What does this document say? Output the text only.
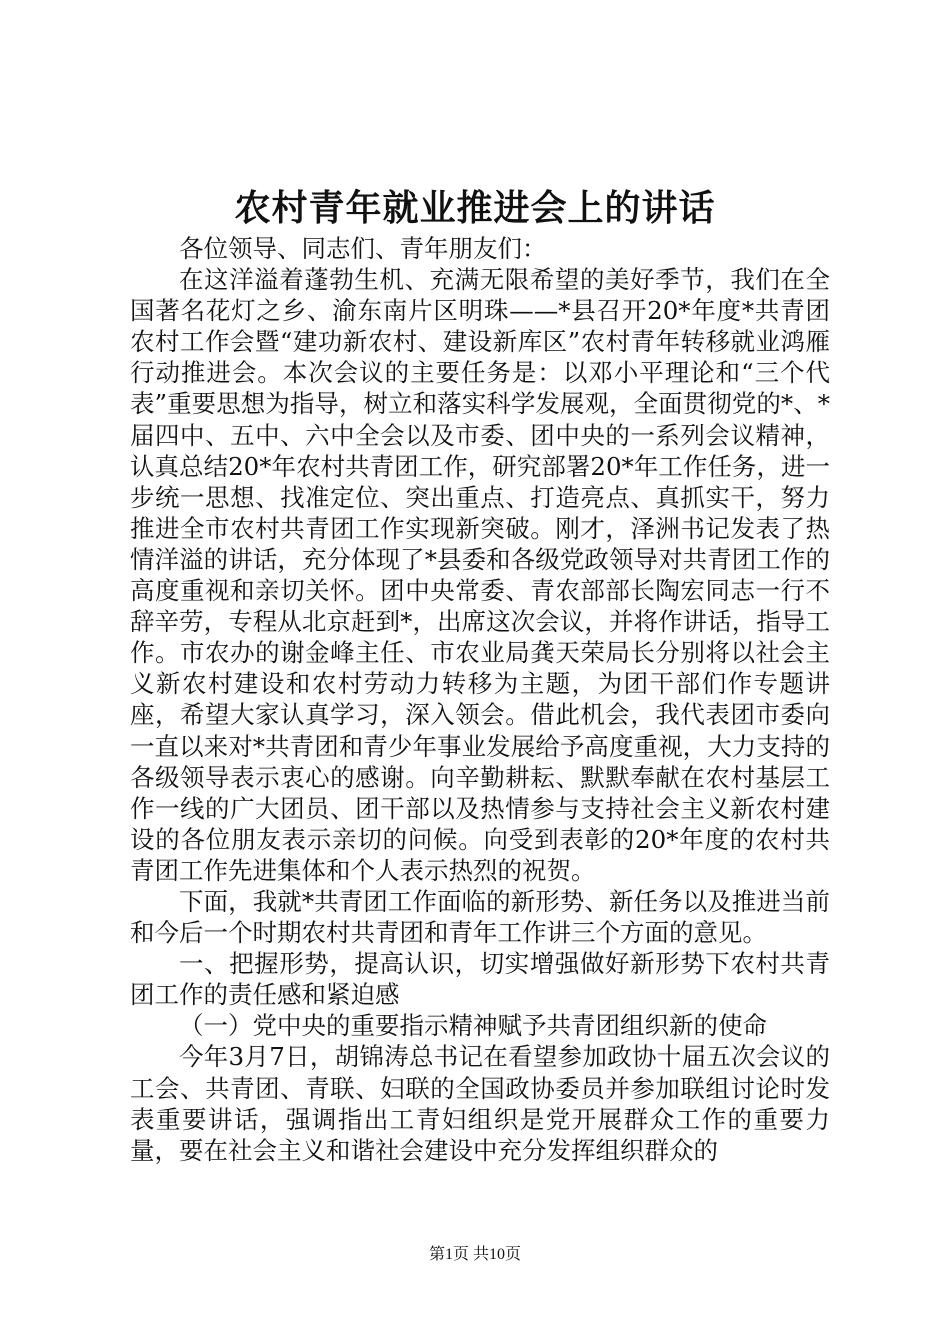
农村青年就业推进会上的讲话

各位领导、同志们、青年朋友们：

在这洋溢着蓬勃生机、充满无限希望的美好季节，我们在全国著名花灯之乡、渝东南片区明珠——*县召开20*年度*共青团农村工作会暨“建功新农村、建设新库区”农村青年转移就业鸿雁行动推进会。本次会议的主要任务是：以邓小平理论和“三个代表”重要思想为指导，树立和落实科学发展观，全面贯彻党的*、*届四中、五中、六中全会以及市委、团中央的一系列会议精神，认真总结20*年农村共青团工作，研究部署20*年工作任务，进一步统一思想、找准定位、突出重点、打造亮点、真抓实干，努力推进全市农村共青团工作实现新突破。刚才，泽洲书记发表了热情洋溢的讲话，充分体现了*县委和各级党政领导对共青团工作的高度重视和亲切关怀。团中央常委、青农部部长陶宏同志一行不辞辛劳，专程从北京赶到*，出席这次会议，并将作讲话，指导工作。市农办的谢金峰主任、市农业局龚天荣局长分别将以社会主义新农村建设和农村劳动力转移为主题，为团干部们作专题讲座，希望大家认真学习，深入领会。借此机会，我代表团市委向一直以来对*共青团和青少年事业发展给予高度重视，大力支持的各级领导表示衷心的感谢。向辛勤耕耘、默默奉献在农村基层工作一线的广大团员、团干部以及热情参与支持社会主义新农村建设的各位朋友表示亲切的问候。向受到表彰的20*年度的农村共青团工作先进集体和个人表示热烈的祝贺。

下面，我就*共青团工作面临的新形势、新任务以及推进当前和今后一个时期农村共青团和青年工作讲三个方面的意见。

一、把握形势，提高认识，切实增强做好新形势下农村共青团工作的责任感和紧迫感

（一）党中央的重要指示精神赋予共青团组织新的使命

今年3月7日，胡锦涛总书记在看望参加政协十届五次会议的工会、共青团、青联、妇联的全国政协委员并参加联组讨论时发表重要讲话，强调指出工青妇组织是党开展群众工作的重要力量，要在社会主义和谐社会建设中充分发挥组织群众的

第1页 共10页
